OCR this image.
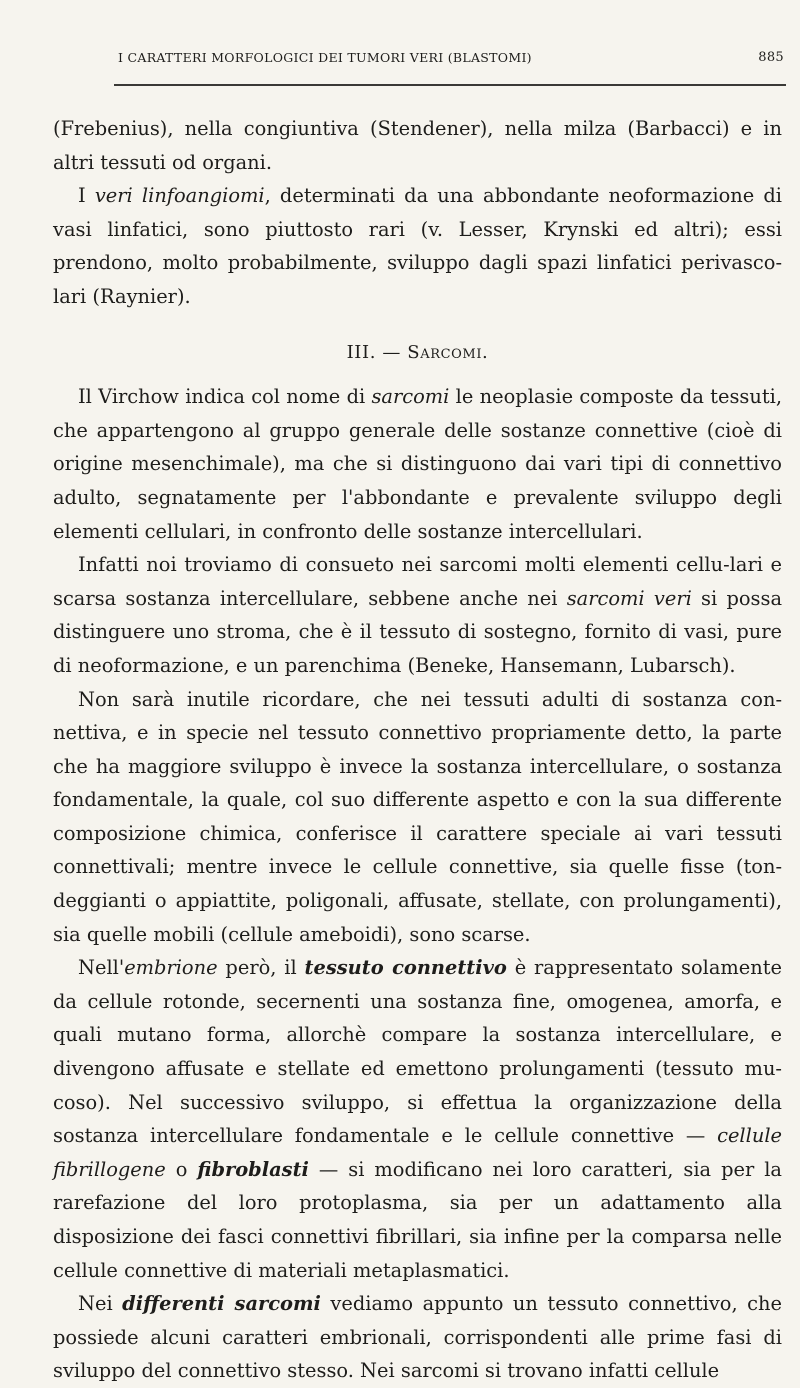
I CARATTERI MORFOLOGICI DEI TUMORI VERI (BLASTOMI)	885

(Frebenius), nella congiuntiva (Stendener), nella milza (Barbacci) e in altri tessuti od organi.

I veri linfoangiomi, determinati da una abbondante neoformazione di vasi linfatici, sono piuttosto rari (v. Lesser, Krynski ed altri); essi prendono, molto probabilmente, sviluppo dagli spazi linfatici perivasco-lari (Raynier).

III. — Sarcomi.

Il Virchow indica col nome di sarcomi le neoplasie composte da tessuti, che appartengono al gruppo generale delle sostanze connettive (cioè di origine mesenchimale), ma che si distinguono dai vari tipi di connettivo adulto, segnatamente per l'abbondante e prevalente sviluppo degli elementi cellulari, in confronto delle sostanze intercellulari.

Infatti noi troviamo di consueto nei sarcomi molti elementi cellu-lari e scarsa sostanza intercellulare, sebbene anche nei sarcomi veri si possa distinguere uno stroma, che è il tessuto di sostegno, fornito di vasi, pure di neoformazione, e un parenchima (Beneke, Hansemann, Lubarsch).

Non sarà inutile ricordare, che nei tessuti adulti di sostanza con-nettiva, e in specie nel tessuto connettivo propriamente detto, la parte che ha maggiore sviluppo è invece la sostanza intercellulare, o sostanza fondamentale, la quale, col suo differente aspetto e con la sua differente composizione chimica, conferisce il carattere speciale ai vari tessuti connettivali; mentre invece le cellule connettive, sia quelle fisse (ton-deggianti o appiattite, poligonali, affusate, stellate, con prolungamenti), sia quelle mobili (cellule ameboidi), sono scarse.

Nell'embrione però, il tessuto connettivo è rappresentato solamente da cellule rotonde, secernenti una sostanza fine, omogenea, amorfa, e quali mutano forma, allorchè compare la sostanza intercellulare, e divengono affusate e stellate ed emettono prolungamenti (tessuto mu-coso). Nel successivo sviluppo, si effettua la organizzazione della sostanza intercellulare fondamentale e le cellule connettive — cellule fibrillogene o fibroblasti — si modificano nei loro caratteri, sia per la rarefazione del loro protoplasma, sia per un adattamento alla disposizione dei fasci connettivi fibrillari, sia infine per la comparsa nelle cellule connettive di materiali metaplasmatici.

Nei differenti sarcomi vediamo appunto un tessuto connettivo, che possiede alcuni caratteri embrionali, corrispondenti alle prime fasi di sviluppo del connettivo stesso. Nei sarcomi si trovano infatti cellule
